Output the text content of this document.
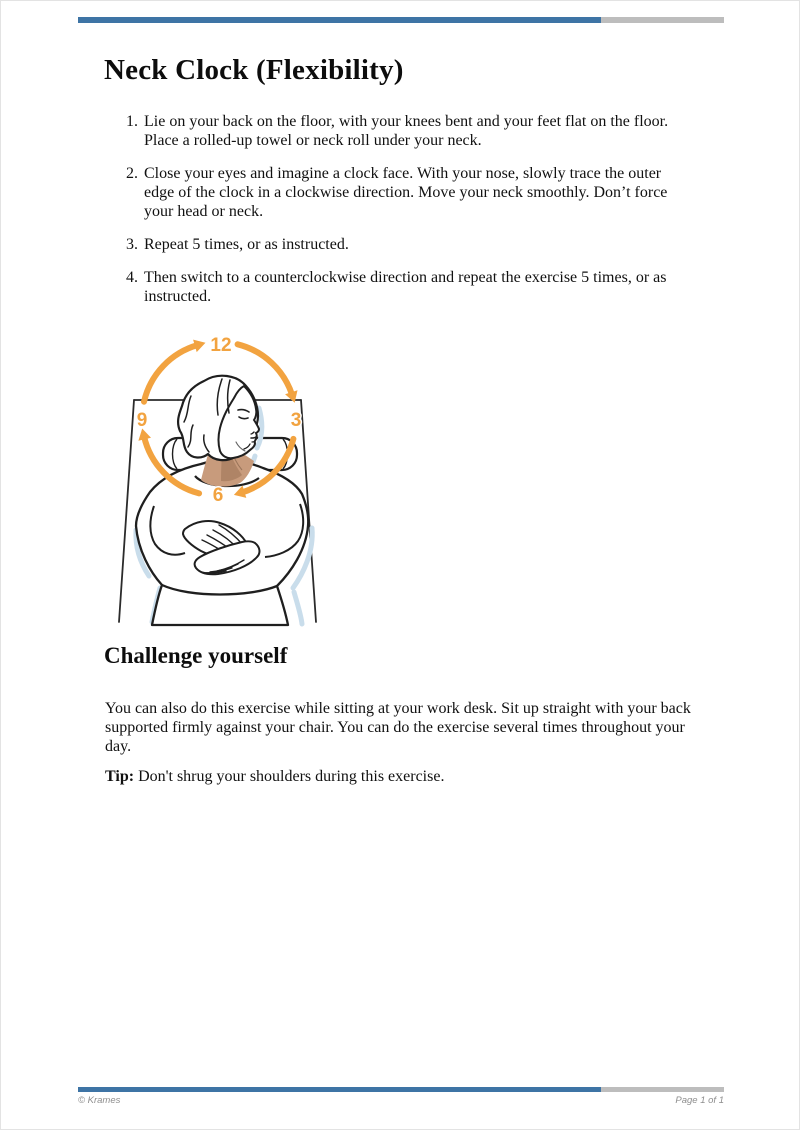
Neck Clock (Flexibility)
1. Lie on your back on the floor, with your knees bent and your feet flat on the floor. Place a rolled-up towel or neck roll under your neck.
2. Close your eyes and imagine a clock face. With your nose, slowly trace the outer edge of the clock in a clockwise direction. Move your neck smoothly. Don’t force your head or neck.
3. Repeat 5 times, or as instructed.
4. Then switch to a counterclockwise direction and repeat the exercise 5 times, or as instructed.
12
3
6
9
Challenge yourself

You can also do this exercise while sitting at your work desk. Sit up straight with your back supported firmly against your chair. You can do the exercise several times throughout your day.

Tip: Don't shrug your shoulders during this exercise.

© Krames	Page 1 of 1
